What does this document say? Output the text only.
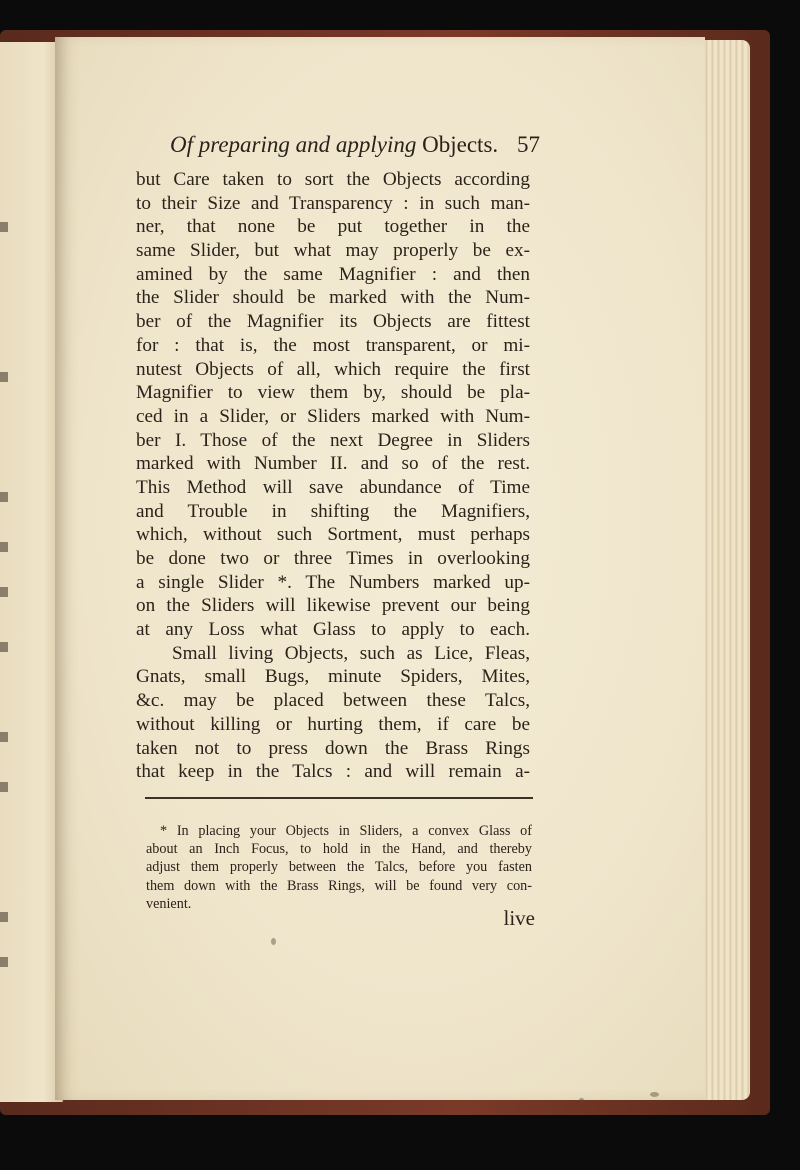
Of preparing and applying Objects. 57
but Care taken to sort the Objects according
to their Size and Transparency : in such man-
ner, that none be put together in the
same Slider, but what may properly be ex-
amined by the same Magnifier : and then
the Slider should be marked with the Num-
ber of the Magnifier its Objects are fittest
for : that is, the most transparent, or mi-
nutest Objects of all, which require the first
Magnifier to view them by, should be pla-
ced in a Slider, or Sliders marked with Num-
ber I. Those of the next Degree in Sliders
marked with Number II. and so of the rest.
This Method will save abundance of Time
and Trouble in shifting the Magnifiers,
which, without such Sortment, must perhaps
be done two or three Times in overlooking
a single Slider *. The Numbers marked up-
on the Sliders will likewise prevent our being
at any Loss what Glass to apply to each.
Small living Objects, such as Lice, Fleas,
Gnats, small Bugs, minute Spiders, Mites,
&c. may be placed between these Talcs,
without killing or hurting them, if care be
taken not to press down the Brass Rings
that keep in the Talcs : and will remain a-
* In placing your Objects in Sliders, a convex Glass of
about an Inch Focus, to hold in the Hand, and thereby
adjust them properly between the Talcs, before you fasten
them down with the Brass Rings, will be found very con-
venient.
live
